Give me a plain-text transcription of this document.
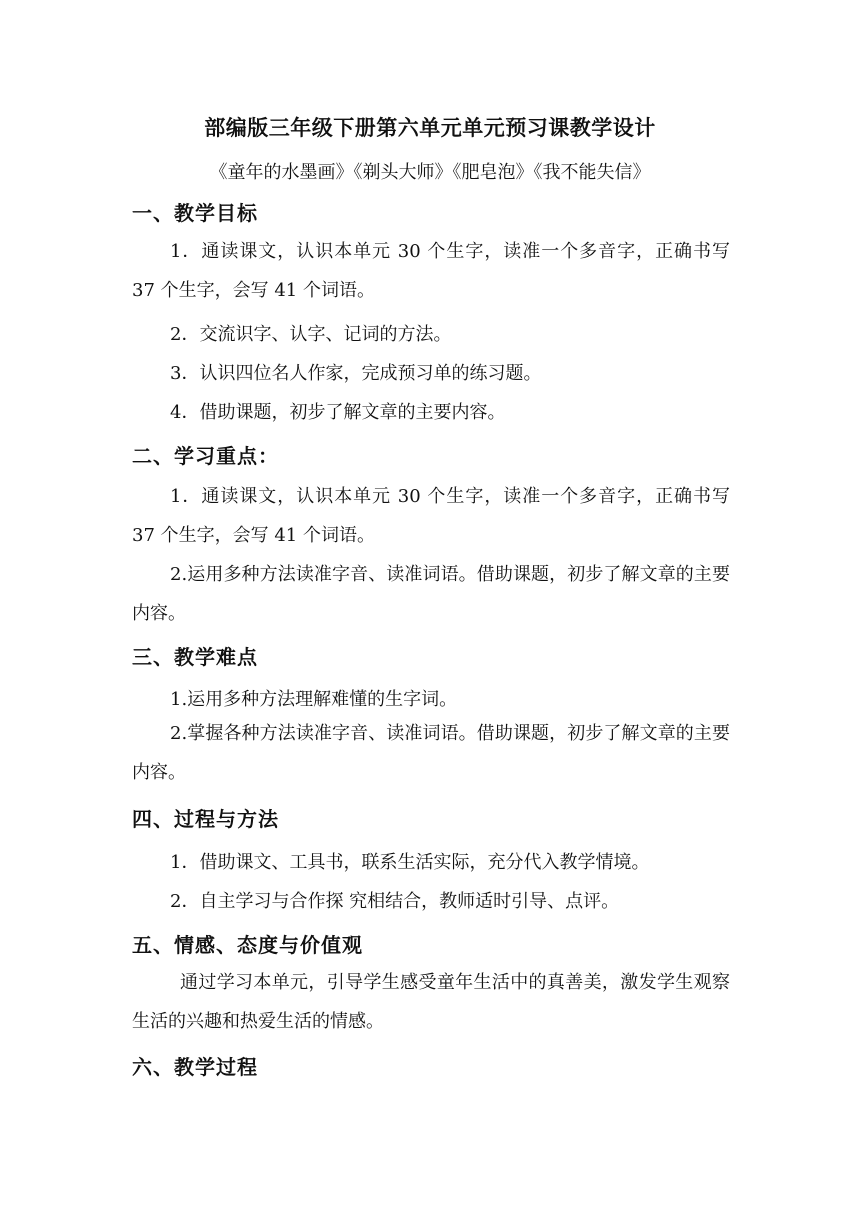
部编版三年级下册第六单元单元预习课教学设计
《童年的水墨画》《剃头大师》《肥皂泡》《我不能失信》
一、教学目标
1．通读课文，认识本单元 30 个生字，读准一个多音字，正确书写 37 个生字，会写 41 个词语。
2．交流识字、认字、记词的方法。
3．认识四位名人作家，完成预习单的练习题。
4．借助课题，初步了解文章的主要内容。
二、学习重点：
1．通读课文，认识本单元 30 个生字，读准一个多音字，正确书写 37 个生字，会写 41 个词语。
2.运用多种方法读准字音、读准词语。借助课题，初步了解文章的主要内容。
三、教学难点
1.运用多种方法理解难懂的生字词。
2.掌握各种方法读准字音、读准词语。借助课题，初步了解文章的主要内容。
四、过程与方法
1．借助课文、工具书，联系生活实际，充分代入教学情境。
2．自主学习与合作探 究相结合，教师适时引导、点评。
五、情感、态度与价值观
通过学习本单元，引导学生感受童年生活中的真善美，激发学生观察生活的兴趣和热爱生活的情感。
六、教学过程
